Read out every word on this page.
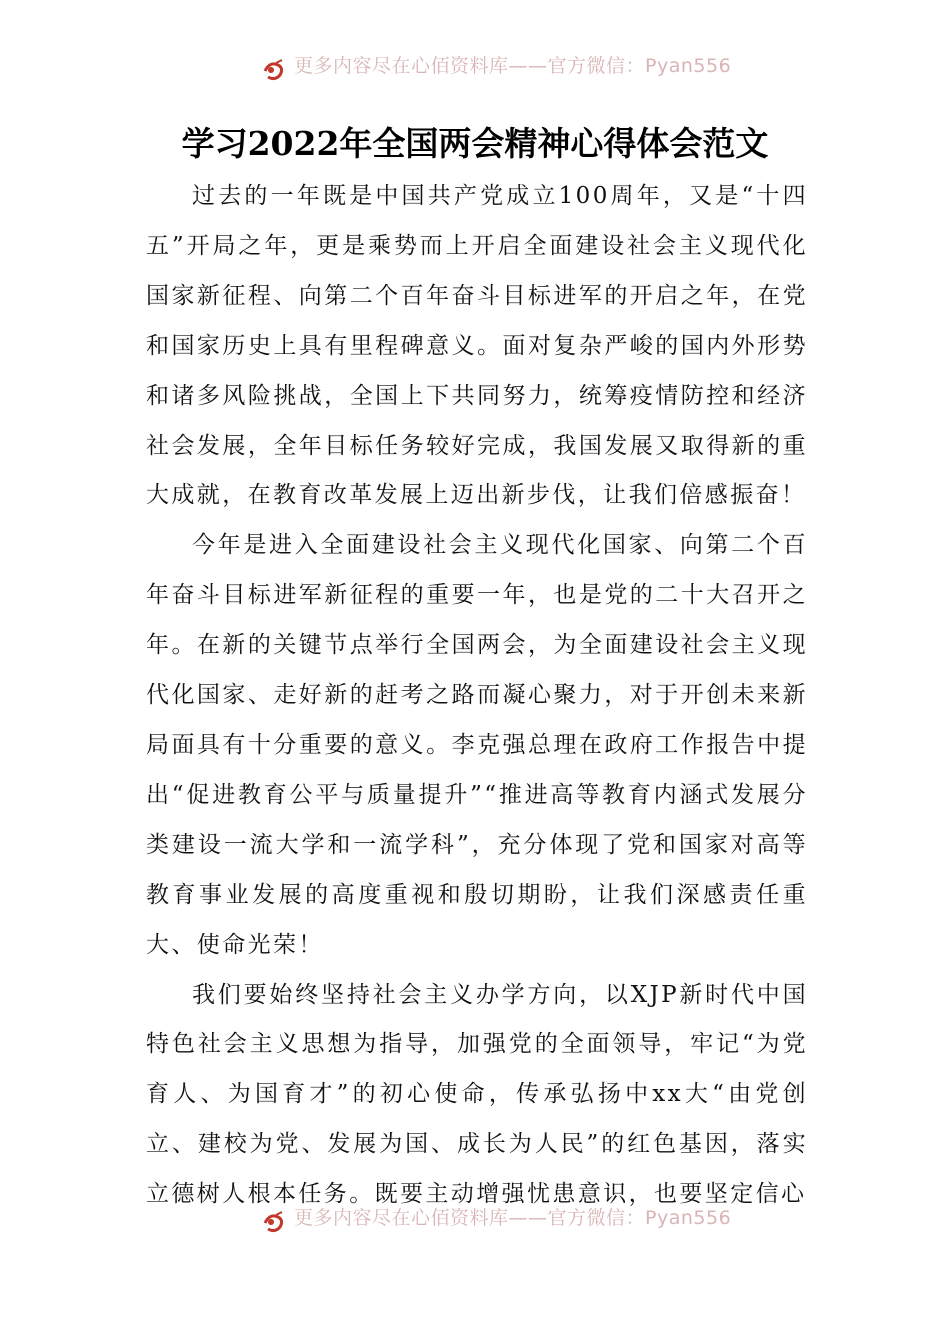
更多内容尽在心佰资料库——官方微信：Pyan556
学习2022年全国两会精神心得体会范文

过去的一年既是中国共产党成立100周年，又是“十四五”开局之年，更是乘势而上开启全面建设社会主义现代化国家新征程、向第二个百年奋斗目标进军的开启之年，在党和国家历史上具有里程碑意义。面对复杂严峻的国内外形势和诸多风险挑战，全国上下共同努力，统筹疫情防控和经济社会发展，全年目标任务较好完成，我国发展又取得新的重大成就，在教育改革发展上迈出新步伐，让我们倍感振奋！

今年是进入全面建设社会主义现代化国家、向第二个百年奋斗目标进军新征程的重要一年，也是党的二十大召开之年。在新的关键节点举行全国两会，为全面建设社会主义现代化国家、走好新的赶考之路而凝心聚力，对于开创未来新局面具有十分重要的意义。李克强总理在政府工作报告中提出“促进教育公平与质量提升”“推进高等教育内涵式发展分类建设一流大学和一流学科”，充分体现了党和国家对高等教育事业发展的高度重视和殷切期盼，让我们深感责任重大、使命光荣！

我们要始终坚持社会主义办学方向，以XJP新时代中国特色社会主义思想为指导，加强党的全面领导，牢记“为党育人、为国育才”的初心使命，传承弘扬中xx大“由党创立、建校为党、发展为国、成长为人民”的红色基因，落实立德树人根本任务。既要主动增强忧患意识，也要坚定信心

更多内容尽在心佰资料库——官方微信：Pyan556
